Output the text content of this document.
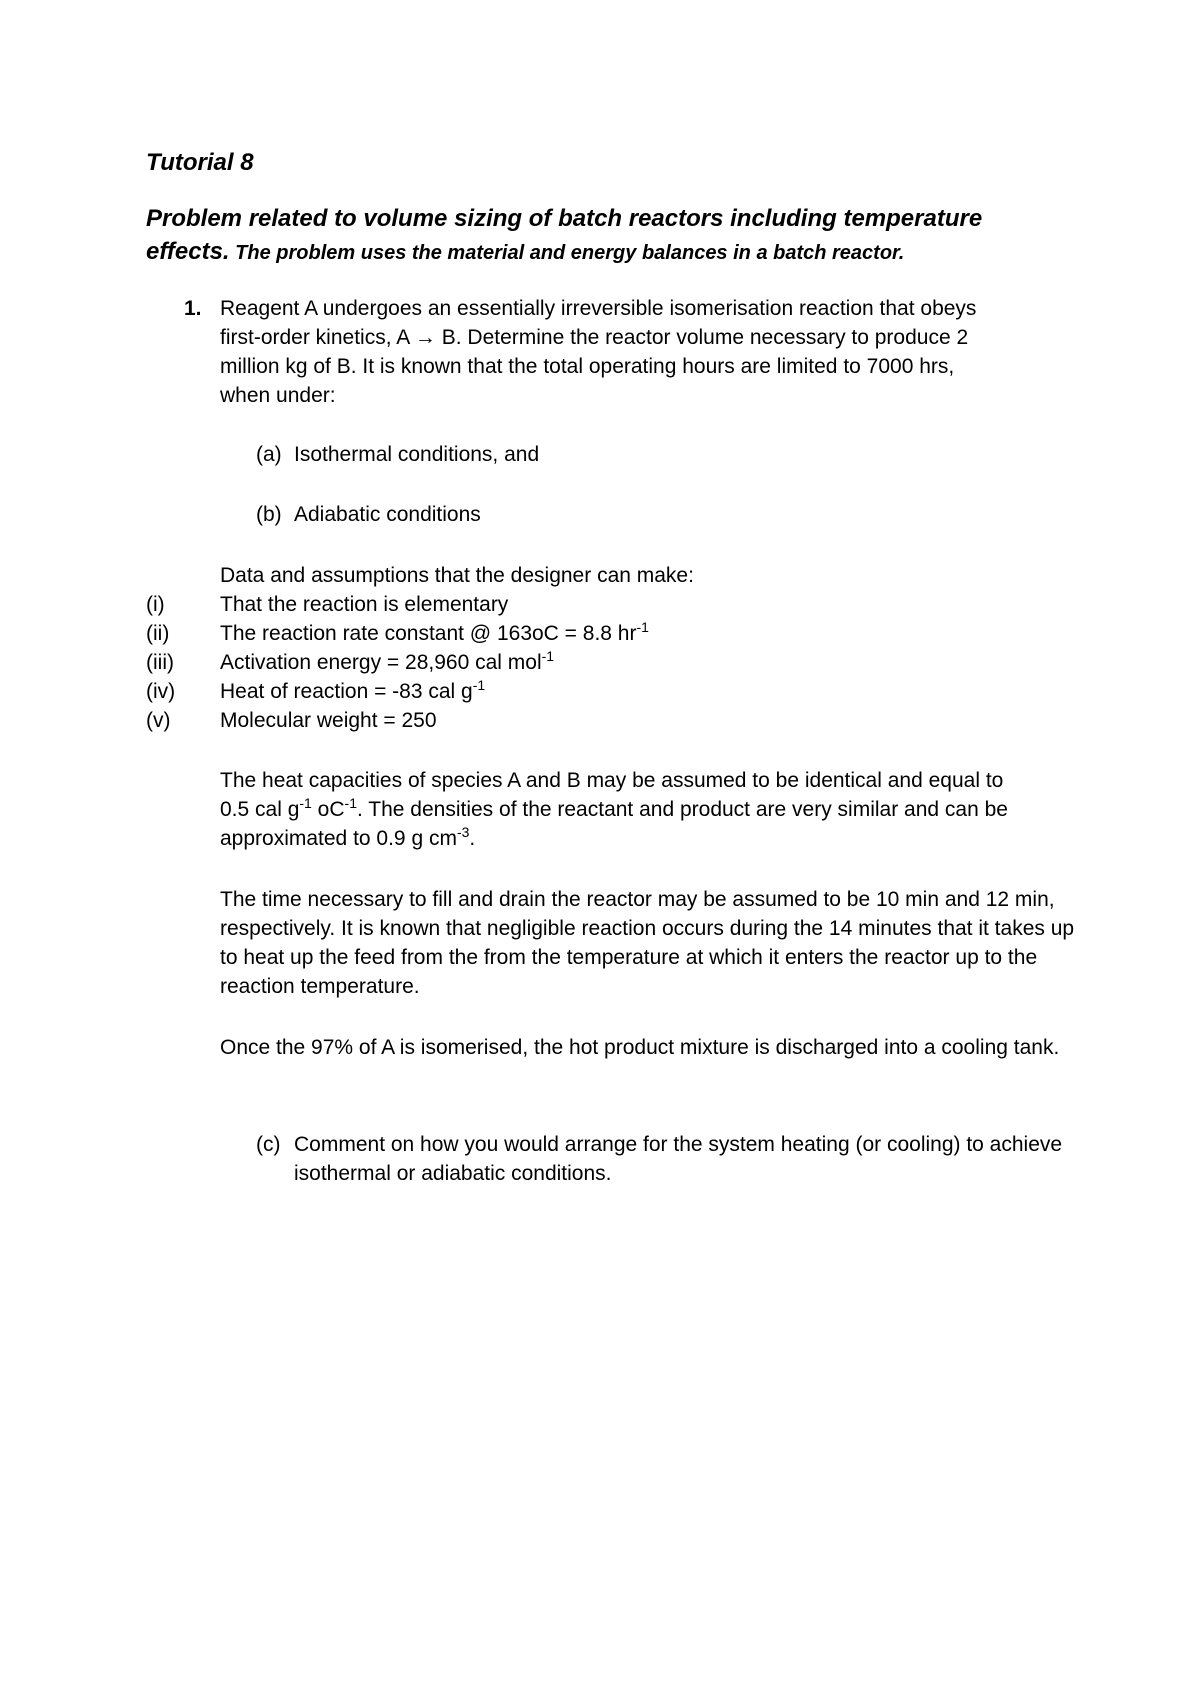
Tutorial 8
Problem related to volume sizing of batch reactors including temperature
effects. The problem uses the material and energy balances in a batch reactor.
1. Reagent A undergoes an essentially irreversible isomerisation reaction that obeys
first-order kinetics, A → B. Determine the reactor volume necessary to produce 2
million kg of B. It is known that the total operating hours are limited to 7000 hrs,
when under:
(a) Isothermal conditions, and
(b) Adiabatic conditions
Data and assumptions that the designer can make:
(i)	That the reaction is elementary
(ii) The reaction rate constant @ 163oC = 8.8 $hr^{-1}$
(iii) Activation energy = 28,960 cal mol$^{-1}$
(iv) Heat of reaction = -83 cal $g^{-1}$
(v) Molecular weight = 250
The heat capacities of species A and B may be assumed to be identical and equal to
0.5 cal $g^{-1}$ $oC^{-1}$. The densities of the reactant and product are very similar and can be
approximated to 0.9 g $cm^{-3}$.
The time necessary to fill and drain the reactor may be assumed to be 10 min and 12 min, respectively. It is known that negligible reaction occurs during the 14 minutes that it takes up to heat up the feed from the from the temperature at which it enters the reactor up to the reaction temperature.
Once the 97% of A is isomerised, the hot product mixture is discharged into a cooling tank.
(c) Comment on how you would arrange for the system heating (or cooling) to achieve isothermal or adiabatic conditions.
